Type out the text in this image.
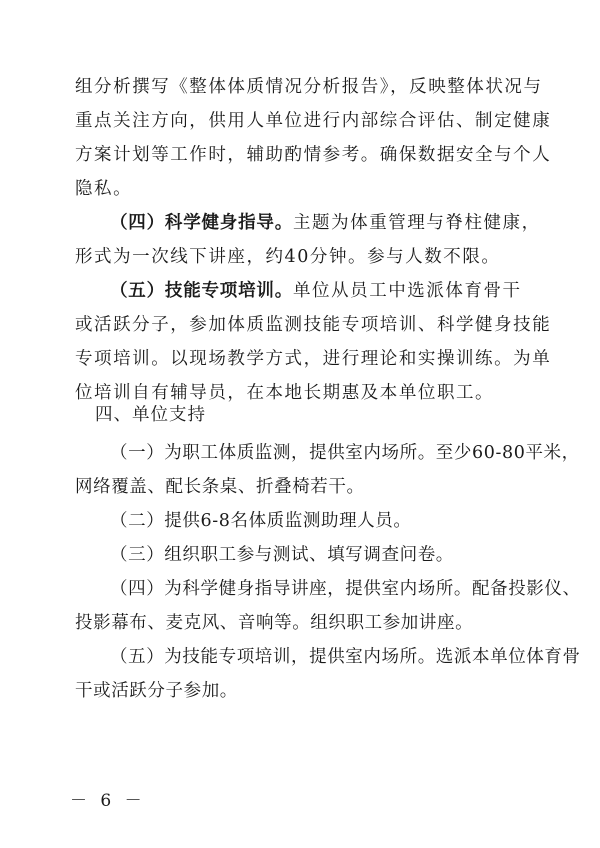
组分析撰写《整体体质情况分析报告》，反映整体状况与
重点关注方向，供用人单位进行内部综合评估、制定健康
方案计划等工作时，辅助酌情参考。确保数据安全与个人
隐私。
（四）科学健身指导。主题为体重管理与脊柱健康，
形式为一次线下讲座，约40分钟。参与人数不限。
（五）技能专项培训。单位从员工中选派体育骨干
或活跃分子，参加体质监测技能专项培训、科学健身技能
专项培训。以现场教学方式，进行理论和实操训练。为单
位培训自有辅导员，在本地长期惠及本单位职工。
四、单位支持
（一）为职工体质监测，提供室内场所。至少60-80平米，
网络覆盖、配长条桌、折叠椅若干。
（二）提供6-8名体质监测助理人员。
（三）组织职工参与测试、填写调查问卷。
（四）为科学健身指导讲座，提供室内场所。配备投影仪、
投影幕布、麦克风、音响等。组织职工参加讲座。
（五）为技能专项培训，提供室内场所。选派本单位体育骨
干或活跃分子参加。
－ 6 －
